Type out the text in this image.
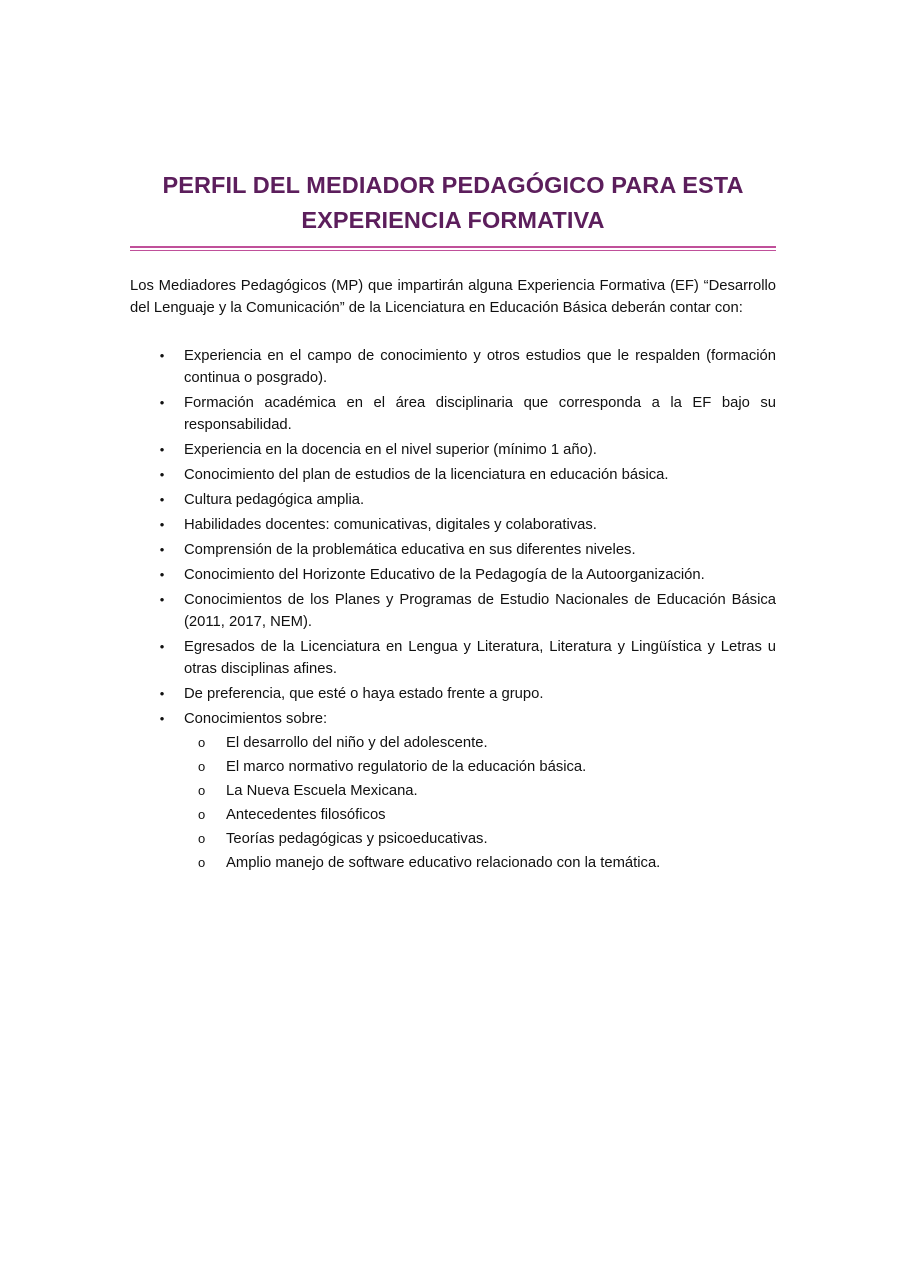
PERFIL DEL MEDIADOR PEDAGÓGICO PARA ESTA
EXPERIENCIA FORMATIVA

Los Mediadores Pedagógicos (MP) que impartirán alguna Experiencia Formativa (EF) “Desarrollo del Lenguaje y la Comunicación” de la Licenciatura en Educación Básica deberán contar con:

• Experiencia en el campo de conocimiento y otros estudios que le respalden (formación continua o posgrado).
• Formación académica en el área disciplinaria que corresponda a la EF bajo su responsabilidad.
• Experiencia en la docencia en el nivel superior (mínimo 1 año).
• Conocimiento del plan de estudios de la licenciatura en educación básica.
• Cultura pedagógica amplia.
• Habilidades docentes: comunicativas, digitales y colaborativas.
• Comprensión de la problemática educativa en sus diferentes niveles.
• Conocimiento del Horizonte Educativo de la Pedagogía de la Autoorganización.
• Conocimientos de los Planes y Programas de Estudio Nacionales de Educación Básica (2011, 2017, NEM).
• Egresados de la Licenciatura en Lengua y Literatura, Literatura y Lingüística y Letras u otras disciplinas afines.
• De preferencia, que esté o haya estado frente a grupo.
• Conocimientos sobre:
o El desarrollo del niño y del adolescente.
o El marco normativo regulatorio de la educación básica.
o La Nueva Escuela Mexicana.
o Antecedentes filosóficos
o Teorías pedagógicas y psicoeducativas.
o Amplio manejo de software educativo relacionado con la temática.
